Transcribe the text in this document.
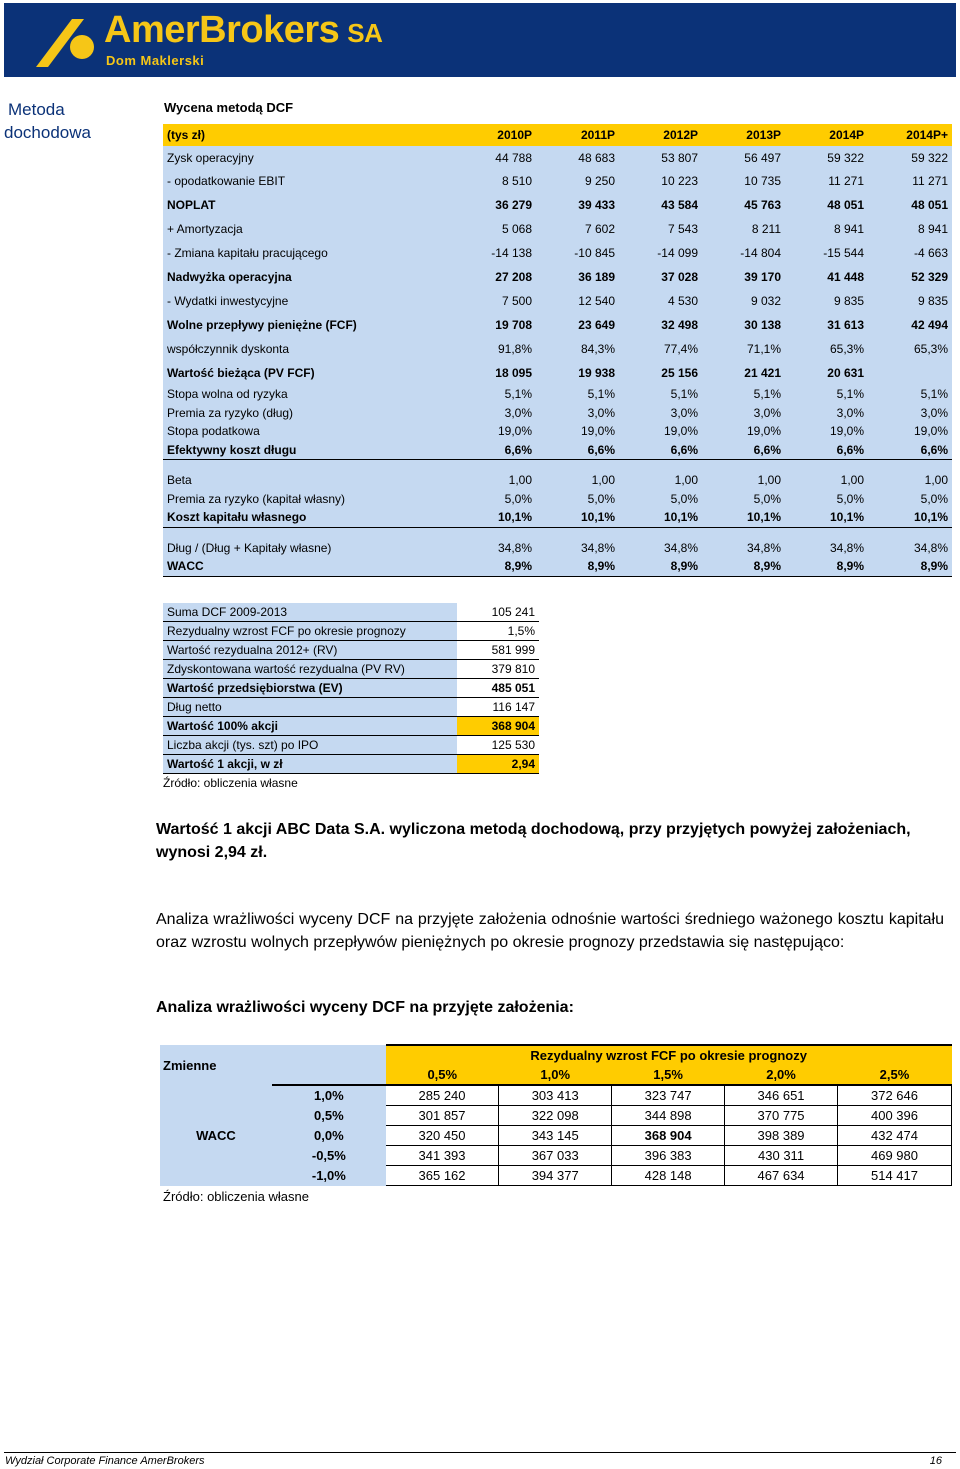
AmerBrokers SA
Dom Maklerski
Metoda
dochodowa
Wycena metodą DCF
(tys zł)	2010P	2011P	2012P	2013P	2014P	2014P+
Zysk operacyjny	44 788	48 683	53 807	56 497	59 322	59 322
- opodatkowanie EBIT	8 510	9 250	10 223	10 735	11 271	11 271
NOPLAT	36 279	39 433	43 584	45 763	48 051	48 051
+ Amortyzacja	5 068	7 602	7 543	8 211	8 941	8 941
- Zmiana kapitału pracującego	-14 138	-10 845	-14 099	-14 804	-15 544	-4 663
Nadwyżka operacyjna	27 208	36 189	37 028	39 170	41 448	52 329
- Wydatki inwestycyjne	7 500	12 540	4 530	9 032	9 835	9 835
Wolne przepływy pieniężne (FCF)	19 708	23 649	32 498	30 138	31 613	42 494
współczynnik dyskonta	91,8%	84,3%	77,4%	71,1%	65,3%	65,3%
Wartość bieżąca (PV FCF)	18 095	19 938	25 156	21 421	20 631	
Stopa wolna od ryzyka	5,1%	5,1%	5,1%	5,1%	5,1%	5,1%
Premia za ryzyko (dług)	3,0%	3,0%	3,0%	3,0%	3,0%	3,0%
Stopa podatkowa	19,0%	19,0%	19,0%	19,0%	19,0%	19,0%
Efektywny koszt długu	6,6%	6,6%	6,6%	6,6%	6,6%	6,6%

Beta	1,00	1,00	1,00	1,00	1,00	1,00
Premia za ryzyko (kapitał własny)	5,0%	5,0%	5,0%	5,0%	5,0%	5,0%
Koszt kapitału własnego	10,1%	10,1%	10,1%	10,1%	10,1%	10,1%

Dług / (Dług + Kapitały własne)	34,8%	34,8%	34,8%	34,8%	34,8%	34,8%
WACC	8,9%	8,9%	8,9%	8,9%	8,9%	8,9%
Suma DCF 2009-2013	105 241
Rezydualny wzrost FCF po okresie prognozy	1,5%
Wartość rezydualna 2012+ (RV)	581 999
Zdyskontowana wartość rezydualna (PV RV)	379 810
Wartość przedsiębiorstwa (EV)	485 051
Dług netto	116 147
Wartość 100% akcji	368 904
Liczba akcji (tys. szt) po IPO	125 530
Wartość 1 akcji, w zł	2,94
Źródło: obliczenia własne
Wartość 1 akcji ABC Data S.A. wyliczona metodą dochodową, przy przyjętych powyżej założeniach, wynosi 2,94 zł.
Analiza wrażliwości wyceny DCF na przyjęte założenia odnośnie wartości średniego ważonego kosztu kapitału oraz wzrostu wolnych przepływów pieniężnych po okresie prognozy przedstawia się następująco:
Analiza wrażliwości wyceny DCF na przyjęte założenia:
Zmienne		Rezydualny wzrost FCF po okresie prognozy				
		0,5%	1,0%	1,5%	2,0%	2,5%
WACC	1,0%	285 240	303 413	323 747	346 651	372 646
	0,5%	301 857	322 098	344 898	370 775	400 396
	0,0%	320 450	343 145	368 904	398 389	432 474
	-0,5%	341 393	367 033	396 383	430 311	469 980
	-1,0%	365 162	394 377	428 148	467 634	514 417
Źródło: obliczenia własne
Wydział Corporate Finance AmerBrokers	16
